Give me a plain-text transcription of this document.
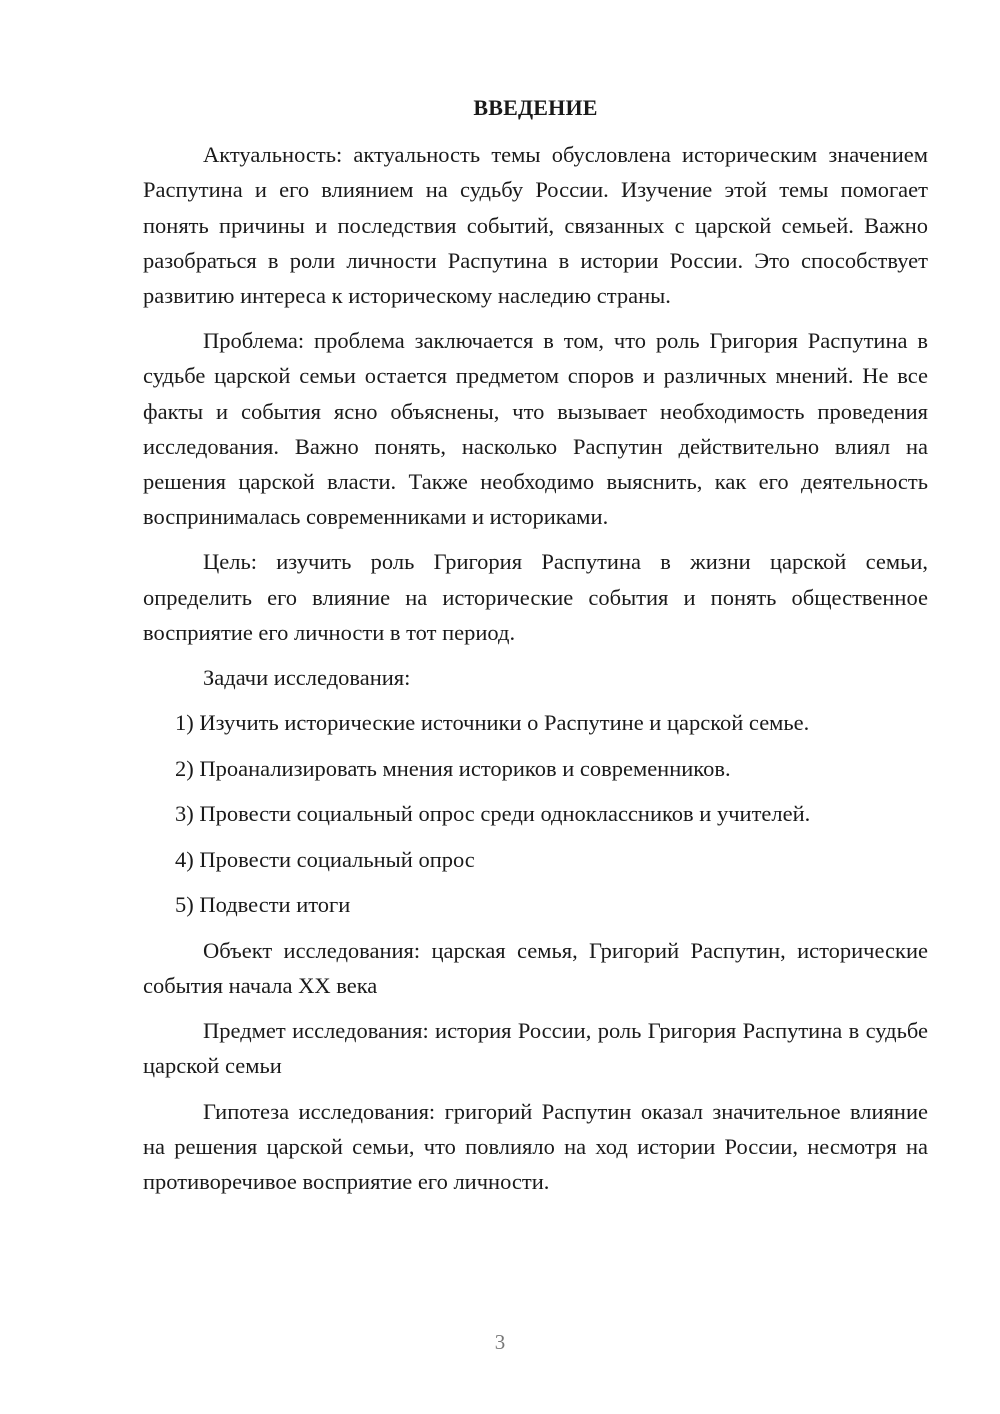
ВВЕДЕНИЕ

Актуальность: актуальность темы обусловлена историческим значением Распутина и его влиянием на судьбу России. Изучение этой темы помогает понять причины и последствия событий, связанных с царской семьей. Важно разобраться в роли личности Распутина в истории России. Это способствует развитию интереса к историческому наследию страны.

Проблема: проблема заключается в том, что роль Григория Распутина в судьбе царской семьи остается предметом споров и различных мнений. Не все факты и события ясно объяснены, что вызывает необходимость проведения исследования. Важно понять, насколько Распутин действительно влиял на решения царской власти. Также необходимо выяснить, как его деятельность воспринималась современниками и историками.

Цель: изучить роль Григория Распутина в жизни царской семьи, определить его влияние на исторические события и понять общественное восприятие его личности в тот период.

Задачи исследования:

1) Изучить исторические источники о Распутине и царской семье.
2) Проанализировать мнения историков и современников.
3) Провести социальный опрос среди одноклассников и учителей.
4) Провести социальный опрос
5) Подвести итоги

Объект исследования: царская семья, Григорий Распутин, исторические события начала XX века

Предмет исследования: история России, роль Григория Распутина в судьбе царской семьи

Гипотеза исследования: григорий Распутин оказал значительное влияние на решения царской семьи, что повлияло на ход истории России, несмотря на противоречивое восприятие его личности.

3
